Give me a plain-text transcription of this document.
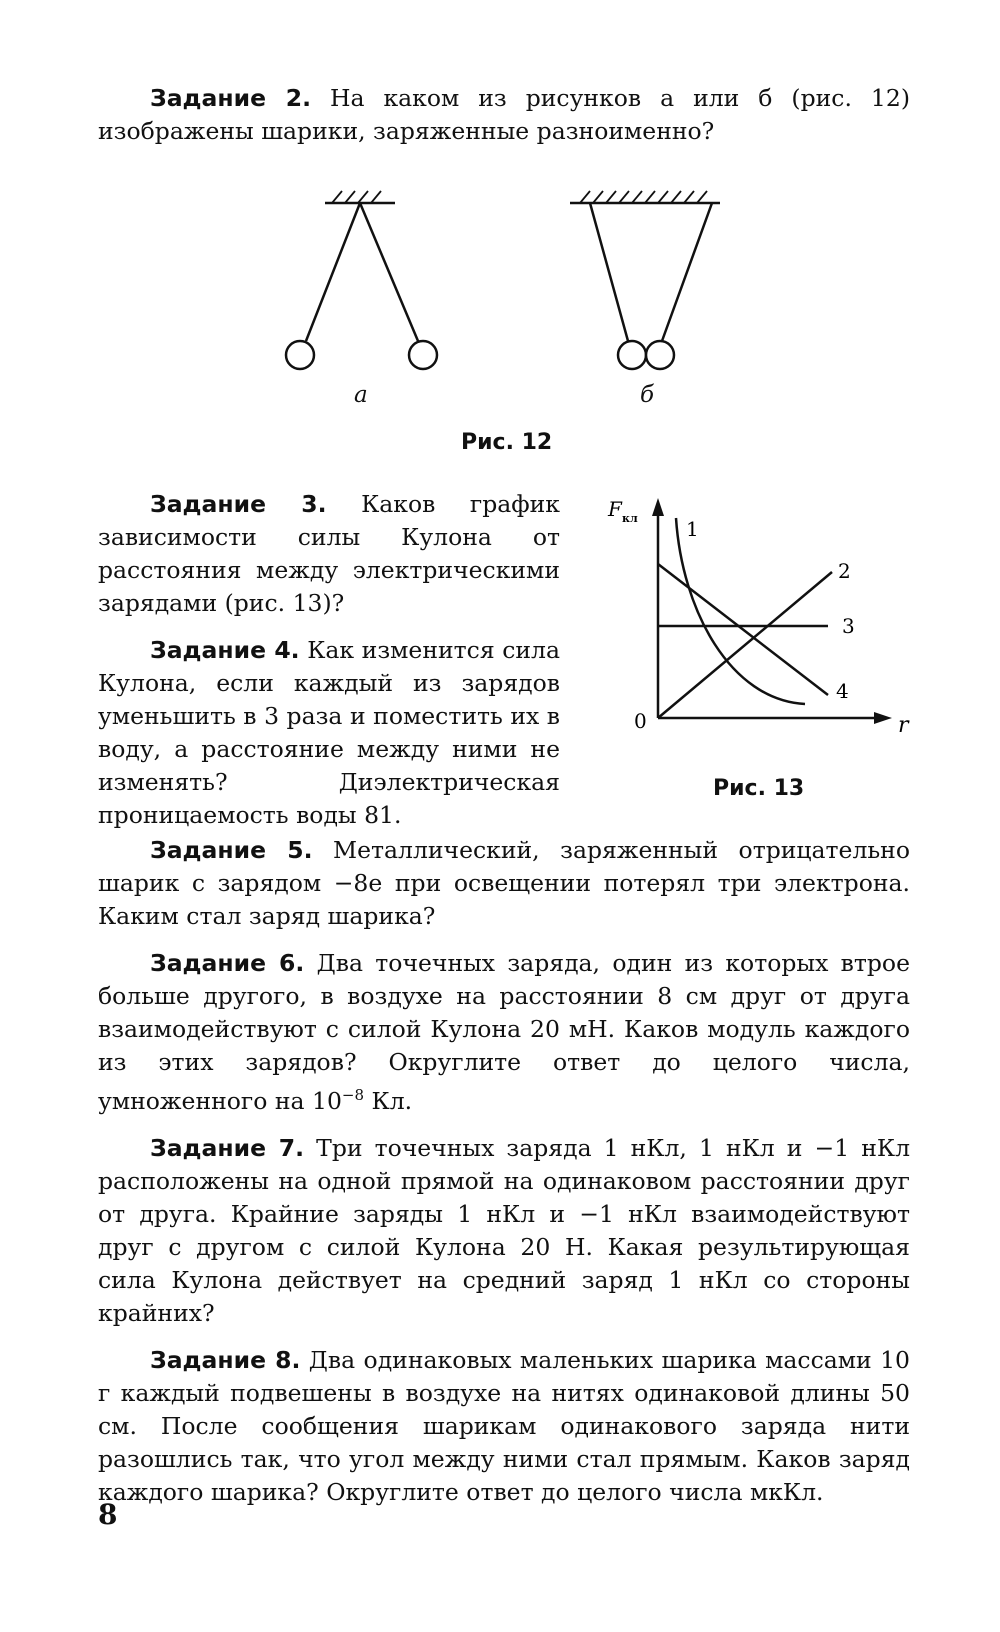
Задание 2. На каком из рисунков а или б (рис. 12) изображены шарики, заряженные разноименно?

а	б
Рис. 12

Задание 3. Каков график зависимости силы Кулона от расстояния между электрическими зарядами (рис. 13)?

Задание 4. Как изменится сила Кулона, если каждый из зарядов уменьшить в 3 раза и поместить их в воду, а расстояние между ними не изменять? Диэлектрическая проницаемость воды 81.

F кл
0	r
1
2
3
4
Рис. 13

Задание 5. Металлический, заряженный отрицательно шарик с зарядом −8e при освещении потерял три электрона. Каким стал заряд шарика?

Задание 6. Два точечных заряда, один из которых втрое больше другого, в воздухе на расстоянии 8 см друг от друга взаимодействуют с силой Кулона 20 мН. Каков модуль каждого из этих зарядов? Округлите ответ до целого числа, умноженного на $10^{-8}$ Кл.

Задание 7. Три точечных заряда 1 нКл, 1 нКл и −1 нКл расположены на одной прямой на одинаковом расстоянии друг от друга. Крайние заряды 1 нКл и −1 нКл взаимодействуют друг с другом с силой Кулона 20 Н. Какая результирующая сила Кулона действует на средний заряд 1 нКл со стороны крайних?

Задание 8. Два одинаковых маленьких шарика массами 10 г каждый подвешены в воздухе на нитях одинаковой длины 50 см. После сообщения шарикам одинакового заряда нити разошлись так, что угол между ними стал прямым. Каков заряд каждого шарика? Округлите ответ до целого числа мкКл.

8
